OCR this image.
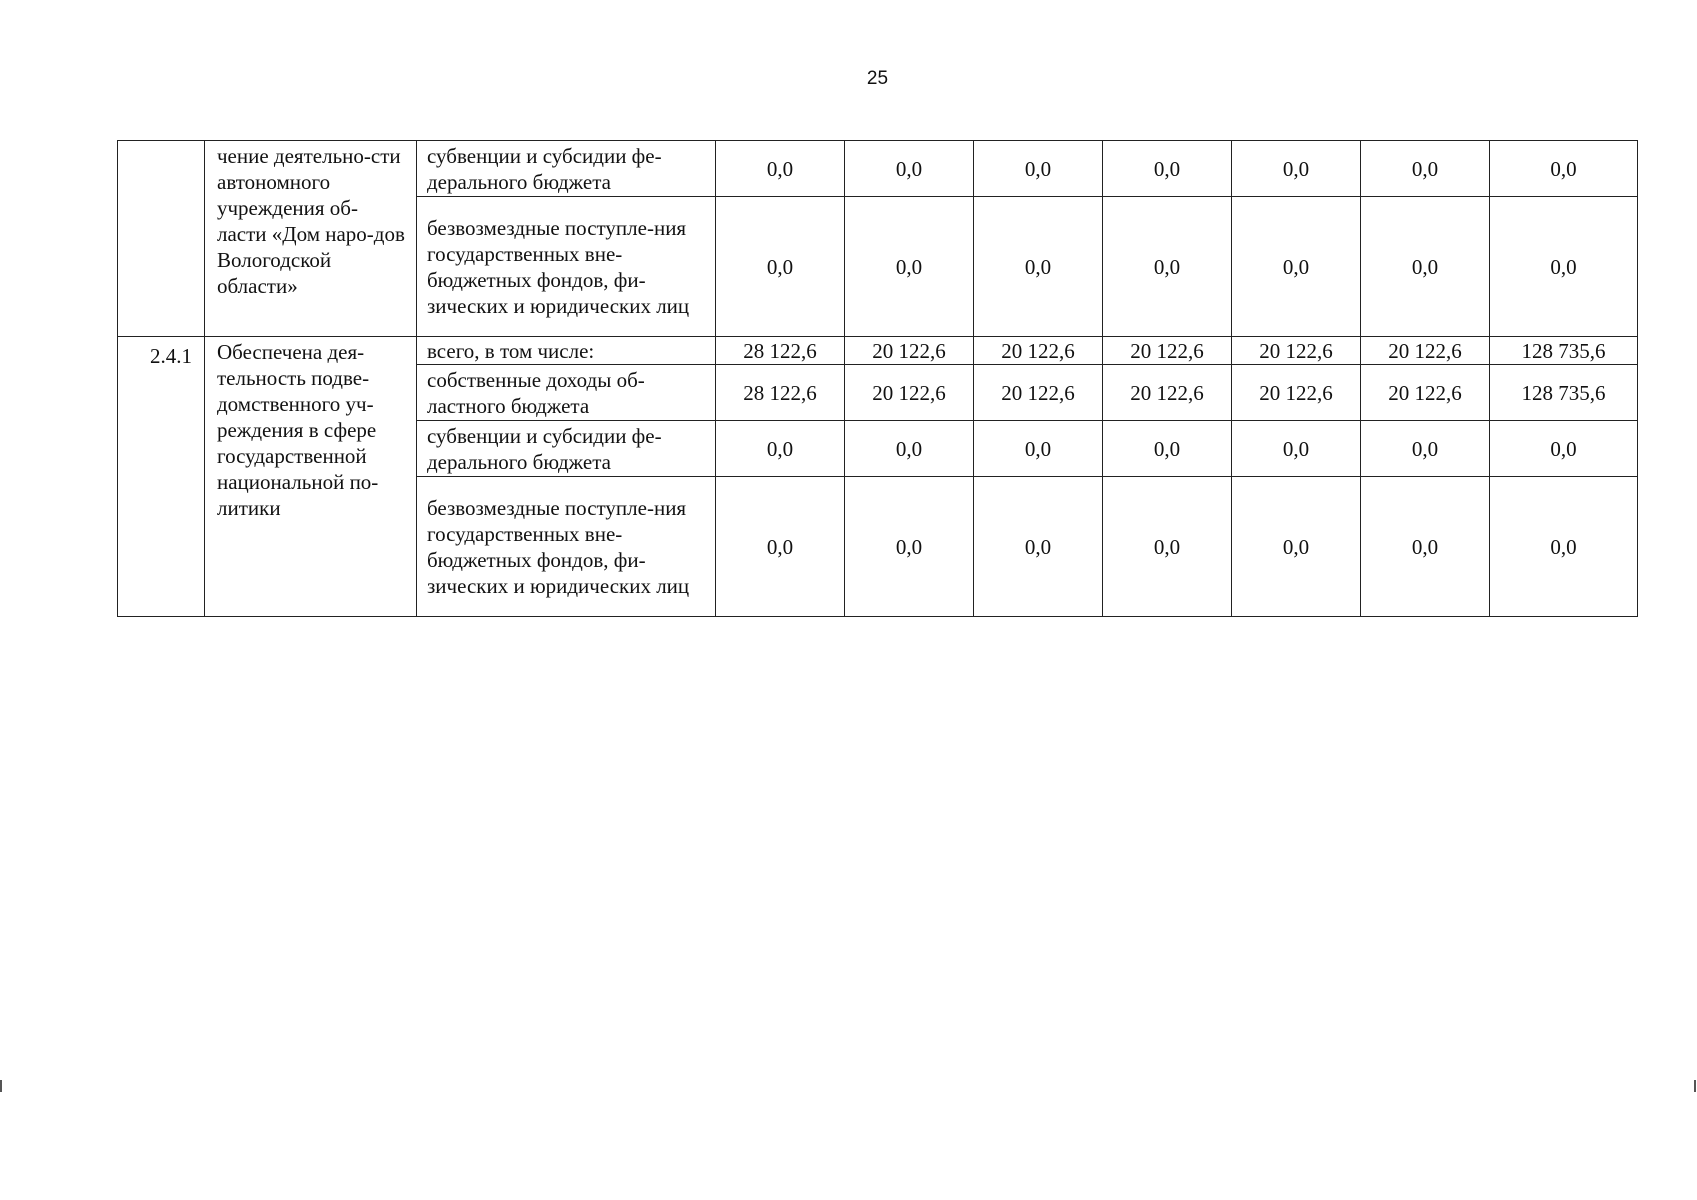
25
	чение деятельно-сти автономного учреждения об-ласти «Дом наро-дов Вологодской области»	субвенции и субсидии фе-дерального бюджета	0,0	0,0	0,0	0,0	0,0	0,0	0,0
		безвозмездные поступле-ния государственных вне-бюджетных фондов, фи-зических и юридических лиц	0,0	0,0	0,0	0,0	0,0	0,0	0,0
2.4.1	Обеспечена дея-тельность подве-домственного уч-реждения в сфере государственной национальной по-литики	всего, в том числе:	28 122,6	20 122,6	20 122,6	20 122,6	20 122,6	20 122,6	128 735,6
		собственные доходы об-ластного бюджета	28 122,6	20 122,6	20 122,6	20 122,6	20 122,6	20 122,6	128 735,6
		субвенции и субсидии фе-дерального бюджета	0,0	0,0	0,0	0,0	0,0	0,0	0,0
		безвозмездные поступле-ния государственных вне-бюджетных фондов, фи-зических и юридических лиц	0,0	0,0	0,0	0,0	0,0	0,0	0,0
